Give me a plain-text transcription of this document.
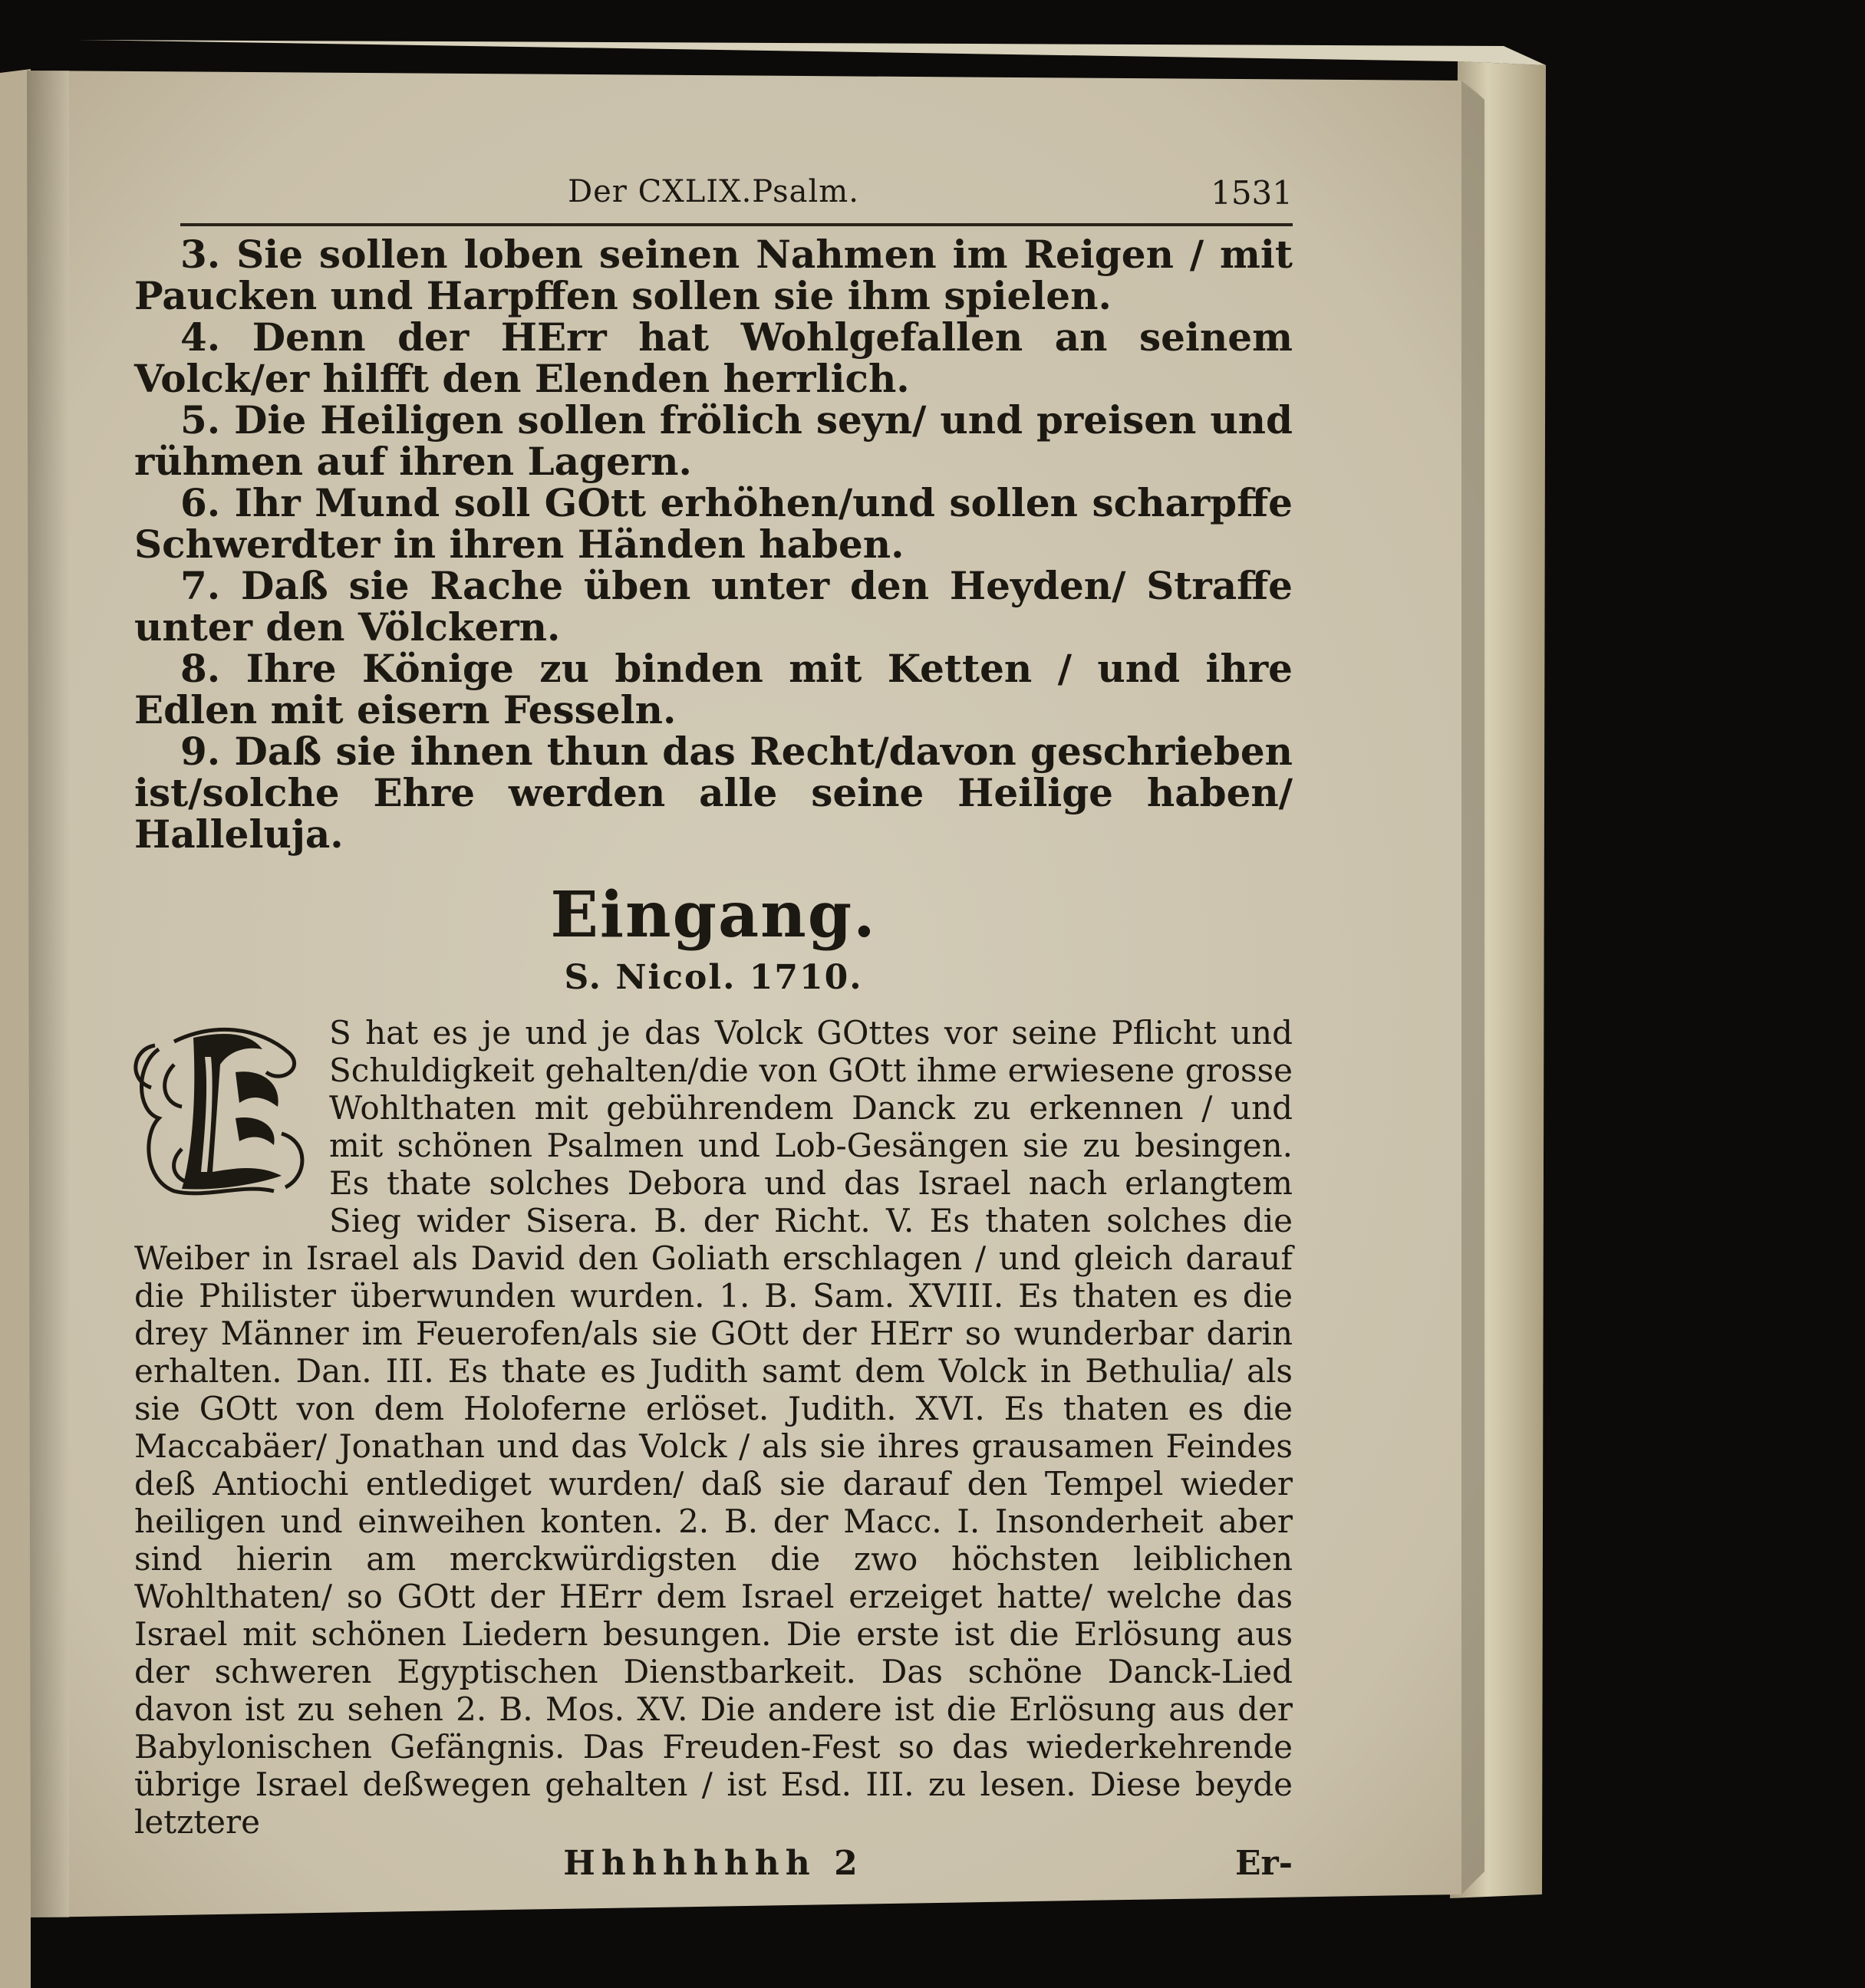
Der CXLIX.Psalm.	1531

3. Sie sollen loben seinen Nahmen im Reigen / mit Paucken und Harpffen sollen sie ihm spielen.

4. Denn der HErr hat Wohlgefallen an seinem Volck/er hilfft den Elenden herrlich.

5. Die Heiligen sollen frölich seyn/ und preisen und rühmen auf ihren Lagern.

6. Ihr Mund soll GOtt erhöhen/und sollen scharpffe Schwerdter in ihren Händen haben.

7. Daß sie Rache üben unter den Heyden/ Straffe unter den Völckern.

8. Ihre Könige zu binden mit Ketten / und ihre Edlen mit eisern Fesseln.

9. Daß sie ihnen thun das Recht/davon geschrieben ist/solche Ehre werden alle seine Heilige haben/ Halleluja.

Eingang.
S. Nicol. 1710.

S hat es je und je das Volck GOttes vor seine Pflicht und Schuldigkeit gehalten/die von GOtt ihme erwiesene grosse Wohlthaten mit gebührendem Danck zu erkennen / und mit schönen Psalmen und Lob-Gesängen sie zu besingen. Es thate solches Debora und das Israel nach erlangtem Sieg wider Sisera. B. der Richt. V. Es thaten solches die Weiber in Israel als David den Goliath erschlagen / und gleich darauf die Philister überwunden wurden. 1. B. Sam. XVIII. Es thaten es die drey Männer im Feuerofen/als sie GOtt der HErr so wunderbar darin erhalten. Dan. III. Es thate es Judith samt dem Volck in Bethulia/ als sie GOtt von dem Holoferne erlöset. Judith. XVI. Es thaten es die Maccabäer/ Jonathan und das Volck / als sie ihres grausamen Feindes deß Antiochi entlediget wurden/ daß sie darauf den Tempel wieder heiligen und einweihen konten. 2. B. der Macc. I. Insonderheit aber sind hierin am merckwürdigsten die zwo höchsten leiblichen Wohlthaten/ so GOtt der HErr dem Israel erzeiget hatte/ welche das Israel mit schönen Liedern besungen. Die erste ist die Erlösung aus der schweren Egyptischen Dienstbarkeit. Das schöne Danck-Lied davon ist zu sehen 2. B. Mos. XV. Die andere ist die Erlösung aus der Babylonischen Gefängnis. Das Freuden-Fest so das wiederkehrende übrige Israel deßwegen gehalten / ist Esd. III. zu lesen. Diese beyde letztere

Hhhhhhhh 2	Er-
